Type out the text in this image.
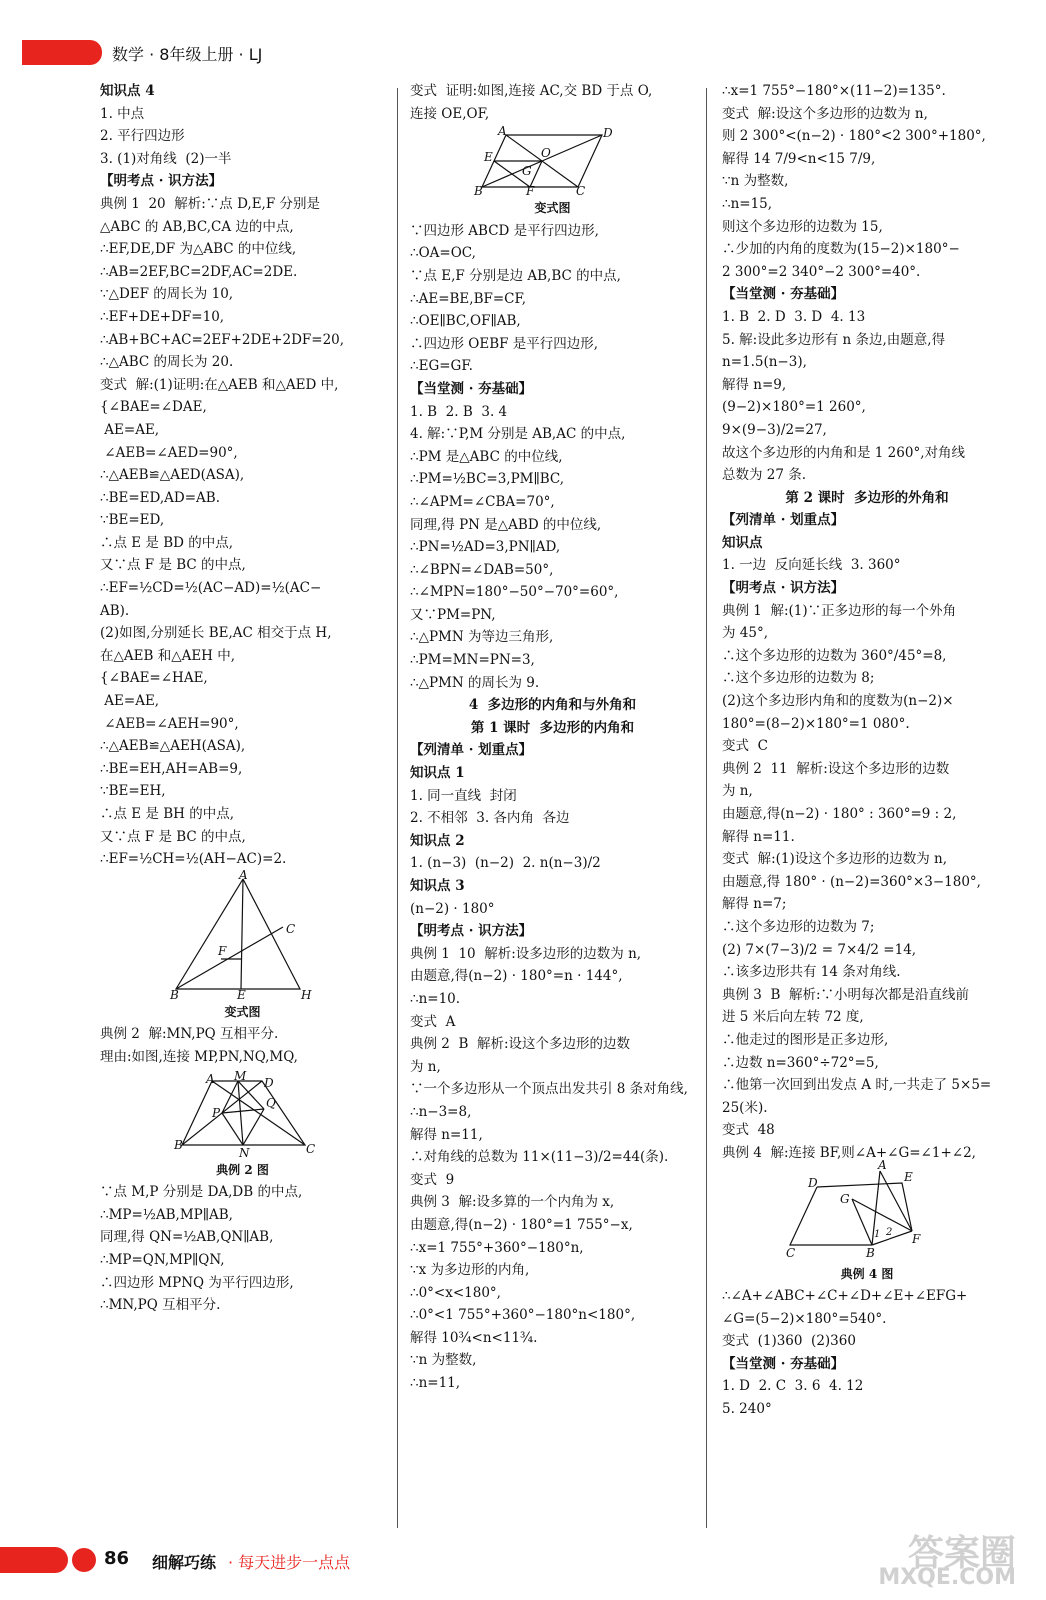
数学 · 8年级上册 · LJ
知识点 4
1. 中点
2. 平行四边形
3. (1)对角线  (2)一半
【明考点 · 识方法】
典例 1  20  解析:∵点 D,E,F 分别是
△ABC 的 AB,BC,CA 边的中点,
∴EF,DE,DF 为△ABC 的中位线,
∴AB=2EF,BC=2DF,AC=2DE.
∵△DEF 的周长为 10,
∴EF+DE+DF=10,
∴AB+BC+AC=2EF+2DE+2DF=20,
∴△ABC 的周长为 20.
变式  解:(1)证明:在△AEB 和△AED 中,
{∠BAE=∠DAE,
AE=AE,
∠AEB=∠AED=90°,
∴△AEB≌△AED(ASA),
∴BE=ED,AD=AB.
∵BE=ED,
∴点 E 是 BD 的中点,
又∵点 F 是 BC 的中点,
∴EF=½CD=½(AC−AD)=½(AC−
AB).
(2)如图,分别延长 BE,AC 相交于点 H,
在△AEB 和△AEH 中,
{∠BAE=∠HAE,
AE=AE,
∠AEB=∠AEH=90°,
∴△AEB≌△AEH(ASA),
∴BE=EH,AH=AB=9,
∵BE=EH,
∴点 E 是 BH 的中点,
又∵点 F 是 BC 的中点,
∴EF=½CH=½(AH−AC)=2.
A
C
F
B	E	H
变式图
典例 2  解:MN,PQ 互相平分.
理由:如图,连接 MP,PN,NQ,MQ,
A M D
P
Q
B
N	C
典例 2 图
∵点 M,P 分别是 DA,DB 的中点,
∴MP=½AB,MP∥AB,
同理,得 QN=½AB,QN∥AB,
∴MP=QN,MP∥QN,
∴四边形 MPNQ 为平行四边形,
∴MN,PQ 互相平分.
变式  证明:如图,连接 AC,交 BD 于点 O,
连接 OE,OF,
A	D
E	O
G
B	F	C
变式图
∵四边形 ABCD 是平行四边形,
∴OA=OC,
∵点 E,F 分别是边 AB,BC 的中点,
∴AE=BE,BF=CF,
∴OE∥BC,OF∥AB,
∴四边形 OEBF 是平行四边形,
∴EG=GF.
【当堂测 · 夯基础】
1. B  2. B  3. 4
4. 解:∵P,M 分别是 AB,AC 的中点,
∴PM 是△ABC 的中位线,
∴PM=½BC=3,PM∥BC,
∴∠APM=∠CBA=70°,
同理,得 PN 是△ABD 的中位线,
∴PN=½AD=3,PN∥AD,
∴∠BPN=∠DAB=50°,
∴∠MPN=180°−50°−70°=60°,
又∵PM=PN,
∴△PMN 为等边三角形,
∴PM=MN=PN=3,
∴△PMN 的周长为 9.
4  多边形的内角和与外角和
第 1 课时  多边形的内角和
【列清单 · 划重点】
知识点 1
1. 同一直线  封闭
2. 不相邻  3. 各内角  各边
知识点 2
1. (n−3)  (n−2)  2. n(n−3)/2
知识点 3
(n−2) · 180°
【明考点 · 识方法】
典例 1  10  解析:设多边形的边数为 n,
由题意,得(n−2) · 180°=n · 144°,
∴n=10.
变式  A
典例 2  B  解析:设这个多边形的边数
为 n,
∵一个多边形从一个顶点出发共引 8 条对角线,
∴n−3=8,
解得 n=11,
∴对角线的总数为 11×(11−3)/2=44(条).
变式  9
典例 3  解:设多算的一个内角为 x,
由题意,得(n−2) · 180°=1 755°−x,
∴x=1 755°+360°−180°n,
∵x 为多边形的内角,
∴0°<x<180°,
∴0°<1 755°+360°−180°n<180°,
解得 10¾<n<11¾.
∵n 为整数,
∴n=11,
∴x=1 755°−180°×(11−2)=135°.
变式  解:设这个多边形的边数为 n,
则 2 300°<(n−2) · 180°<2 300°+180°,
解得 14 7/9<n<15 7/9,
∵n 为整数,
∴n=15,
则这个多边形的边数为 15,
∴少加的内角的度数为(15−2)×180°−
2 300°=2 340°−2 300°=40°.
【当堂测 · 夯基础】
1. B  2. D  3. D  4. 13
5. 解:设此多边形有 n 条边,由题意,得
n=1.5(n−3),
解得 n=9,
(9−2)×180°=1 260°,
9×(9−3)/2=27,
故这个多边形的内角和是 1 260°,对角线
总数为 27 条.
第 2 课时  多边形的外角和
【列清单 · 划重点】
知识点
1. 一边  反向延长线  3. 360°
【明考点 · 识方法】
典例 1  解:(1)∵正多边形的每一个外角
为 45°,
∴这个多边形的边数为 360°/45°=8,
∴这个多边形的边数为 8;
(2)这个多边形内角和的度数为(n−2)×
180°=(8−2)×180°=1 080°.
变式  C
典例 2  11  解析:设这个多边形的边数
为 n,
由题意,得(n−2) · 180° : 360°=9 : 2,
解得 n=11.
变式  解:(1)设这个多边形的边数为 n,
由题意,得 180° · (n−2)=360°×3−180°,
解得 n=7;
∴这个多边形的边数为 7;
(2) 7×(7−3)/2 = 7×4/2 =14,
∴该多边形共有 14 条对角线.
典例 3  B  解析:∵小明每次都是沿直线前
进 5 米后向左转 72 度,
∴他走过的图形是正多边形,
∴边数 n=360°÷72°=5,
∴他第一次回到出发点 A 时,一共走了 5×5=
25(米).
变式  48
典例 4  解:连接 BF,则∠A+∠G=∠1+∠2,
A
D	E
G
C	B
F
1 2
典例 4 图
∴∠A+∠ABC+∠C+∠D+∠E+∠EFG+
∠G=(5−2)×180°=540°.
变式  (1)360  (2)360
【当堂测 · 夯基础】
1. D  2. C  3. 6  4. 12
5. 240°
86 细解巧练 · 每天进步一点点	答案圈
MXQE.COM
